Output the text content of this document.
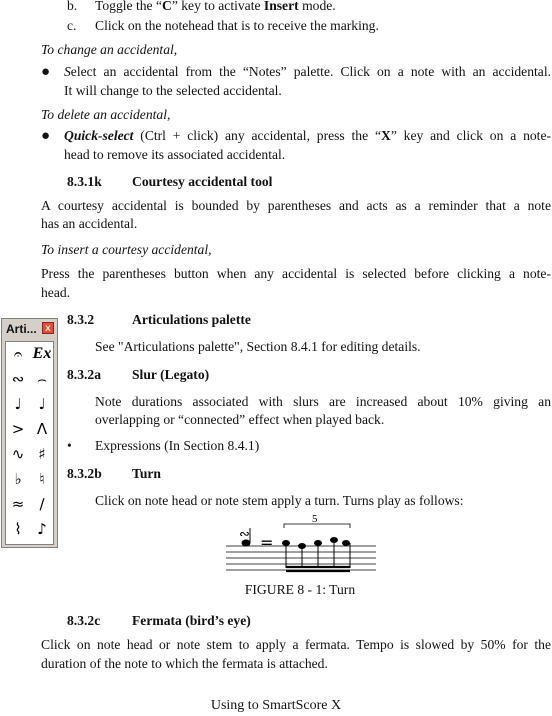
b. Toggle the “C” key to activate Insert mode.
c. Click on the notehead that is to receive the marking.
To change an accidental,
● Select an accidental from the “Notes” palette. Click on a note with an accidental.
It will change to the selected accidental.
To delete an accidental,
● Quick-select (Ctrl + click) any accidental, press the “X” key and click on a note-
head to remove its associated accidental.
8.3.1k Courtesy accidental tool
A courtesy accidental is bounded by parentheses and acts as a reminder that a note
has an accidental.
To insert a courtesy accidental,
Press the parentheses button when any accidental is selected before clicking a note-
head.
Arti... x
𝄐 Ex
∾ ⌢
♩	♩
> Λ
∿ ♯
♭	♮
≈	∕
⌇	♪
8.3.2	Articulations palette
See "Articulations palette", Section 8.4.1 for editing details.
8.3.2a Slur (Legato)
Note durations associated with slurs are increased about 10% giving an
overlapping or “connected” effect when played back.
• Expressions (In Section 8.4.1)
8.3.2b Turn
Click on note head or note stem apply a turn. Turns play as follows:
=
5
∾
FIGURE 8 - 1: Turn
8.3.2c Fermata (bird’s eye)
Click on note head or note stem to apply a fermata. Tempo is slowed by 50% for the
duration of the note to which the fermata is attached.
Using to SmartScore X
